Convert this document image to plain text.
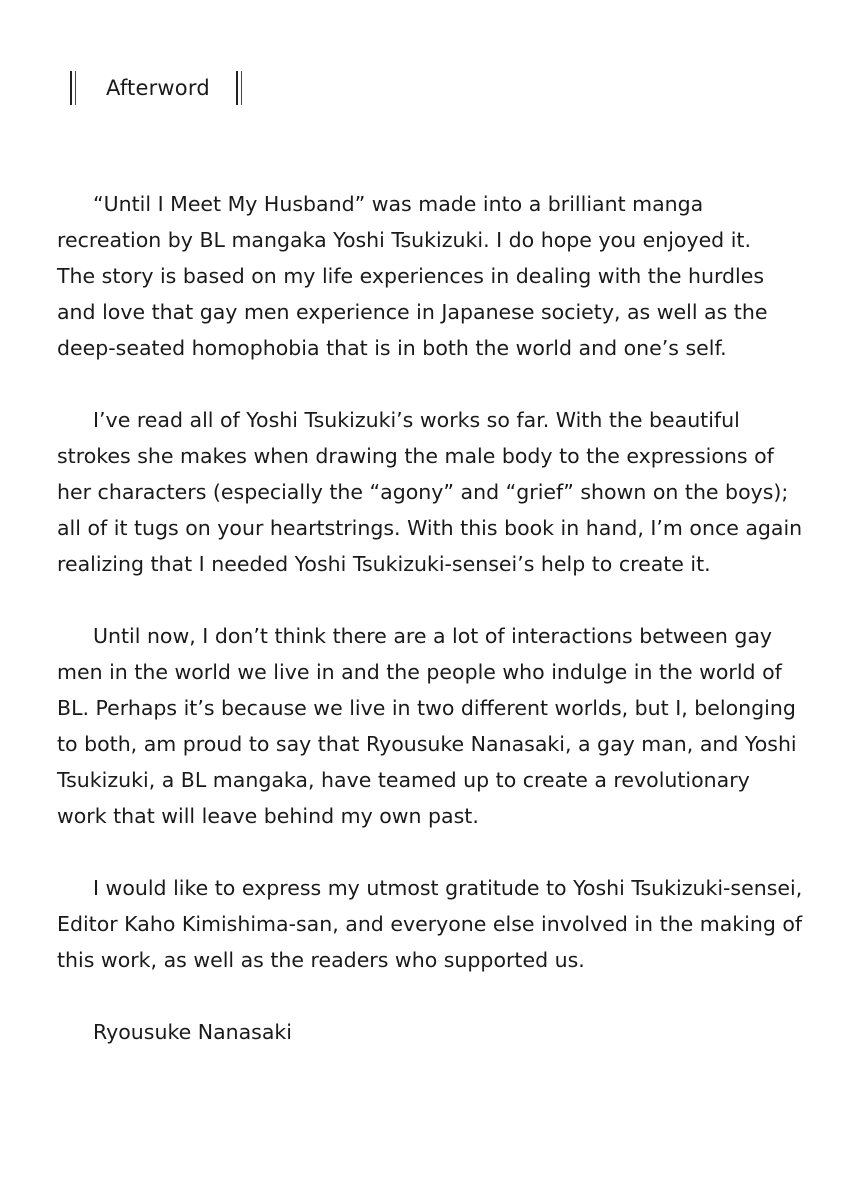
Afterword

“Until I Meet My Husband” was made into a brilliant manga
recreation by BL mangaka Yoshi Tsukizuki. I do hope you enjoyed it.
The story is based on my life experiences in dealing with the hurdles
and love that gay men experience in Japanese society, as well as the
deep-seated homophobia that is in both the world and one’s self.

I’ve read all of Yoshi Tsukizuki’s works so far. With the beautiful
strokes she makes when drawing the male body to the expressions of
her characters (especially the “agony” and “grief” shown on the boys);
all of it tugs on your heartstrings. With this book in hand, I’m once again
realizing that I needed Yoshi Tsukizuki-sensei’s help to create it.

Until now, I don’t think there are a lot of interactions between gay
men in the world we live in and the people who indulge in the world of
BL. Perhaps it’s because we live in two different worlds, but I, belonging
to both, am proud to say that Ryousuke Nanasaki, a gay man, and Yoshi
Tsukizuki, a BL mangaka, have teamed up to create a revolutionary
work that will leave behind my own past.

I would like to express my utmost gratitude to Yoshi Tsukizuki-sensei,
Editor Kaho Kimishima-san, and everyone else involved in the making of
this work, as well as the readers who supported us.

Ryousuke Nanasaki
